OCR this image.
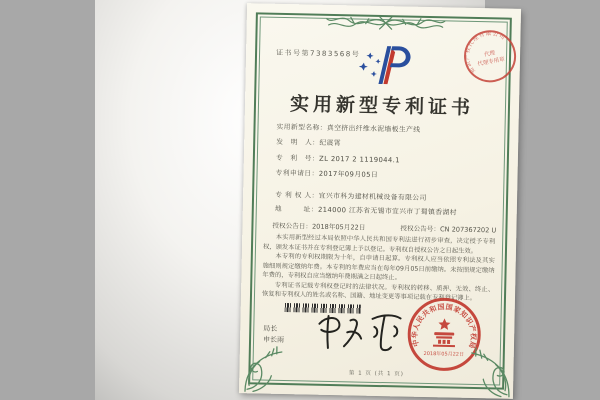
证书号第7383568号
知识产权代理有限公司
代理
代理专用章
实用新型专利证书
实用新型名称：真空挤出纤维水泥墙板生产线
发　明　人：纪震霄
专　利　号：ZL 2017 2 1119044.1
专利申请日：2017年09月05日
专 利 权 人：宜兴市科为建材机械设备有限公司
地　　　址：214000 江苏省无锡市宜兴市丁蜀镇香湖村
授权公告日：2018年05月22日	授权公告号：CN 207367202 U

本实用新型经过本局依照中华人民共和国专利法进行初步审查，决定授予专利权，颁发本证书并在专利登记簿上予以登记。专利权自授权公告之日起生效。

本专利的专利权期限为十年，自申请日起算。专利权人应当依照专利法及其实施细则规定缴纳年费。本专利的年费应当在每年09月05日前缴纳。未按照规定缴纳年费的，专利权自应当缴纳年费期满之日起终止。

专利证书记载专利权登记时的法律状况。专利权的转移、质押、无效、终止、恢复和专利权人的姓名或名称、国籍、地址变更等事项记载在专利登记簿上。

局长
申长雨	中华人民共和国国家知识产权局
2018年05月22日
第 1 页 (共 1 页)
